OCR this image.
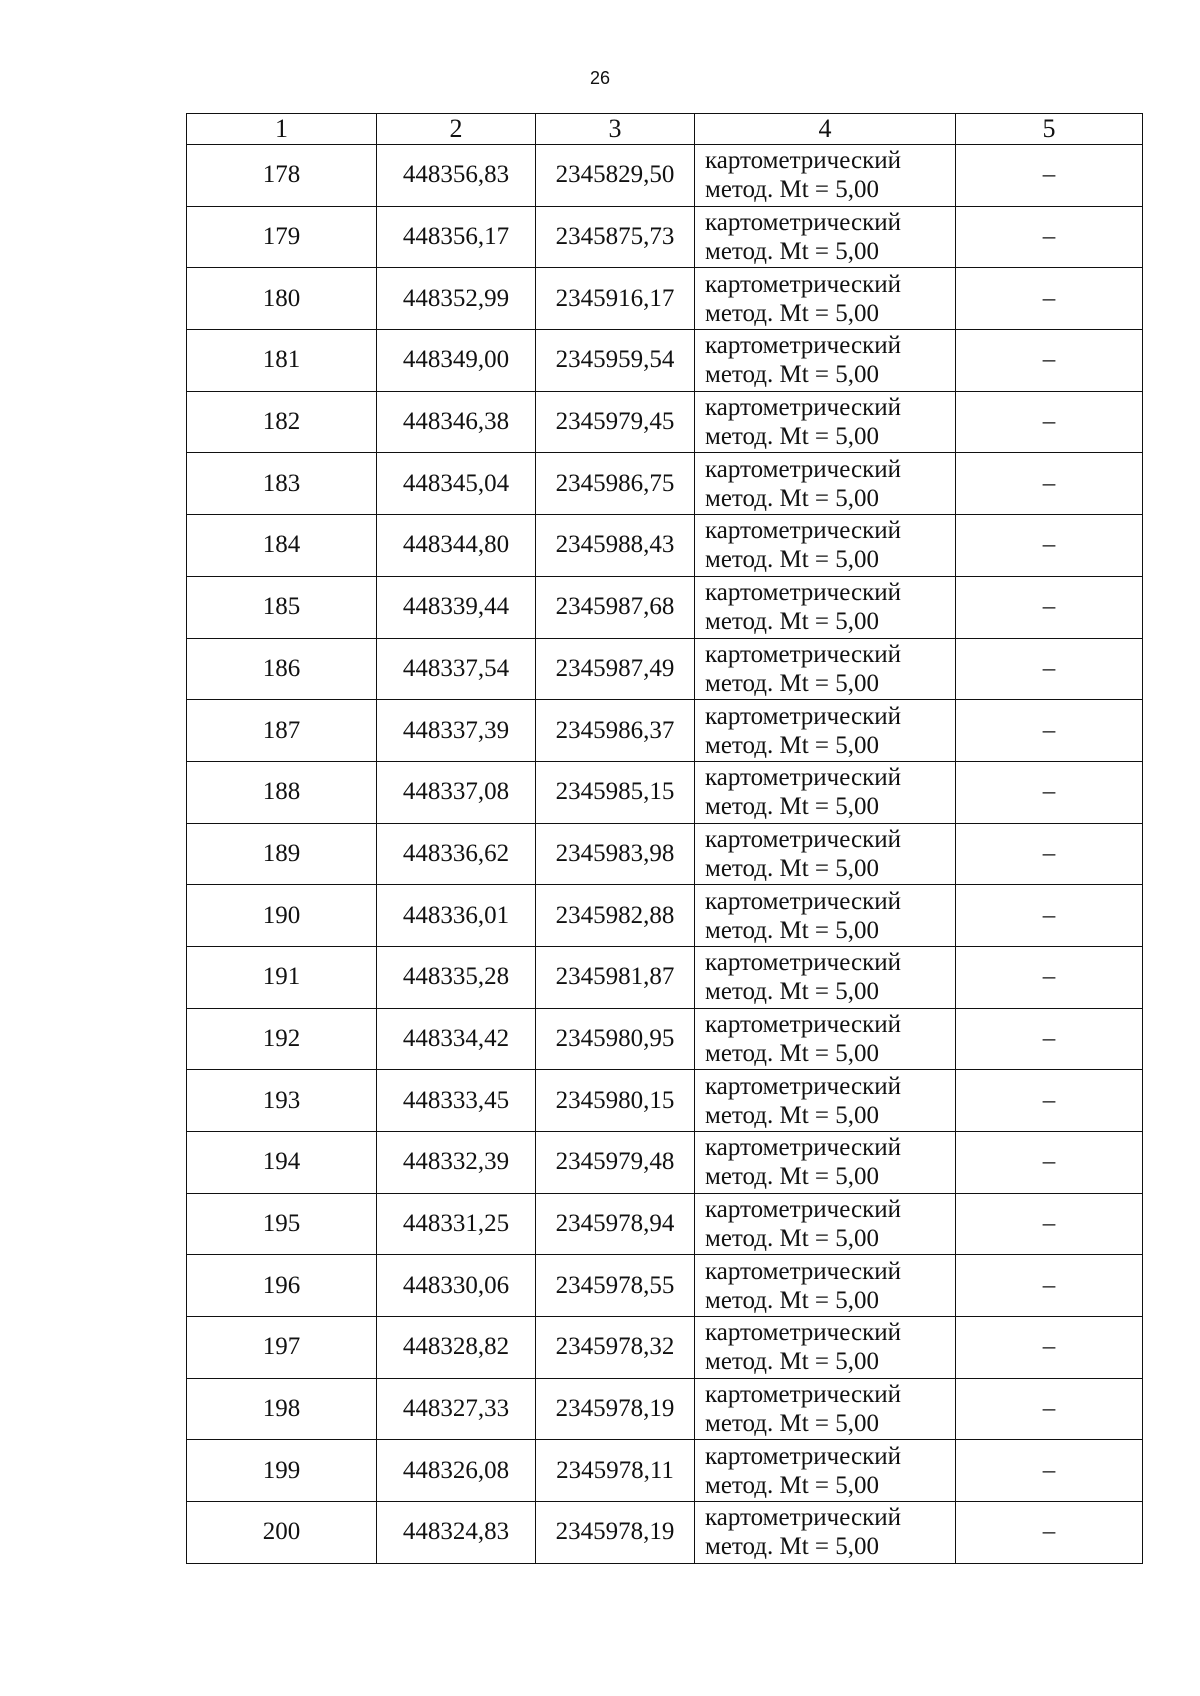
26
1	2	3	4	5
178	448356,83	2345829,50	картометрический
метод. Mt = 5,00	–
179	448356,17	2345875,73	картометрический
метод. Mt = 5,00	–
180	448352,99	2345916,17	картометрический
метод. Mt = 5,00	–
181	448349,00	2345959,54	картометрический
метод. Mt = 5,00	–
182	448346,38	2345979,45	картометрический
метод. Mt = 5,00	–
183	448345,04	2345986,75	картометрический
метод. Mt = 5,00	–
184	448344,80	2345988,43	картометрический
метод. Mt = 5,00	–
185	448339,44	2345987,68	картометрический
метод. Mt = 5,00	–
186	448337,54	2345987,49	картометрический
метод. Mt = 5,00	–
187	448337,39	2345986,37	картометрический
метод. Mt = 5,00	–
188	448337,08	2345985,15	картометрический
метод. Mt = 5,00	–
189	448336,62	2345983,98	картометрический
метод. Mt = 5,00	–
190	448336,01	2345982,88	картометрический
метод. Mt = 5,00	–
191	448335,28	2345981,87	картометрический
метод. Mt = 5,00	–
192	448334,42	2345980,95	картометрический
метод. Mt = 5,00	–
193	448333,45	2345980,15	картометрический
метод. Mt = 5,00	–
194	448332,39	2345979,48	картометрический
метод. Mt = 5,00	–
195	448331,25	2345978,94	картометрический
метод. Mt = 5,00	–
196	448330,06	2345978,55	картометрический
метод. Mt = 5,00	–
197	448328,82	2345978,32	картометрический
метод. Mt = 5,00	–
198	448327,33	2345978,19	картометрический
метод. Mt = 5,00	–
199	448326,08	2345978,11	картометрический
метод. Mt = 5,00	–
200	448324,83	2345978,19	картометрический
метод. Mt = 5,00	–
